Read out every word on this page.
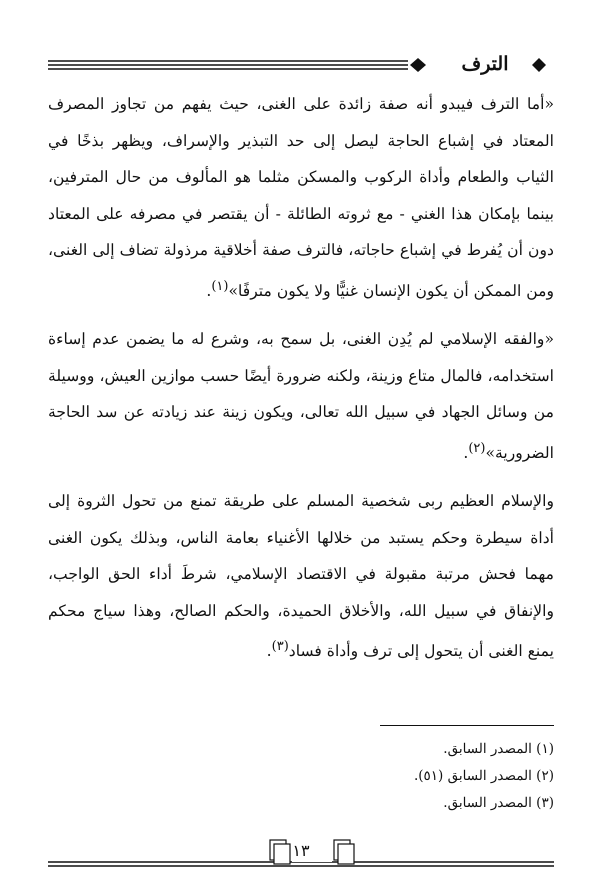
الترف

«أما الترف فيبدو أنه صفة زائدة على الغنى، حيث يفهم من تجاوز المصرف المعتاد في إشباع الحاجة ليصل إلى حد التبذير والإسراف، ويظهر بذخًا في الثياب والطعام وأداة الركوب والمسكن مثلما هو المألوف من حال المترفين، بينما بإمكان هذا الغني - مع ثروته الطائلة - أن يقتصر في مصرفه على المعتاد دون أن يُفرط في إشباع حاجاته، فالترف صفة أخلاقية مرذولة تضاف إلى الغنى، ومن الممكن أن يكون الإنسان غنيًّا ولا يكون مترفًا»$^{(١)}$.

«والفقه الإسلامي لم يُدِن الغنى، بل سمح به، وشرع له ما يضمن عدم إساءة استخدامه، فالمال متاع وزينة، ولكنه ضرورة أيضًا حسب موازين العيش، ووسيلة من وسائل الجهاد في سبيل الله تعالى، ويكون زينة عند زيادته عن سد الحاجة الضرورية»$^{(٢)}$.

والإسلام العظيم ربى شخصية المسلم على طريقة تمنع من تحول الثروة إلى أداة سيطرة وحكم يستبد من خلالها الأغنياء بعامة الناس، وبذلك يكون الغنى مهما فحش مرتبة مقبولة في الاقتصاد الإسلامي، شرطَ أداء الحق الواجب، والإنفاق في سبيل الله، والأخلاق الحميدة، والحكم الصالح، وهذا سياج محكم يمنع الغنى أن يتحول إلى ترف وأداة فساد$^{(٣)}$.

(١) المصدر السابق.

(٢) المصدر السابق (٥١).

(٣) المصدر السابق.

١٣
